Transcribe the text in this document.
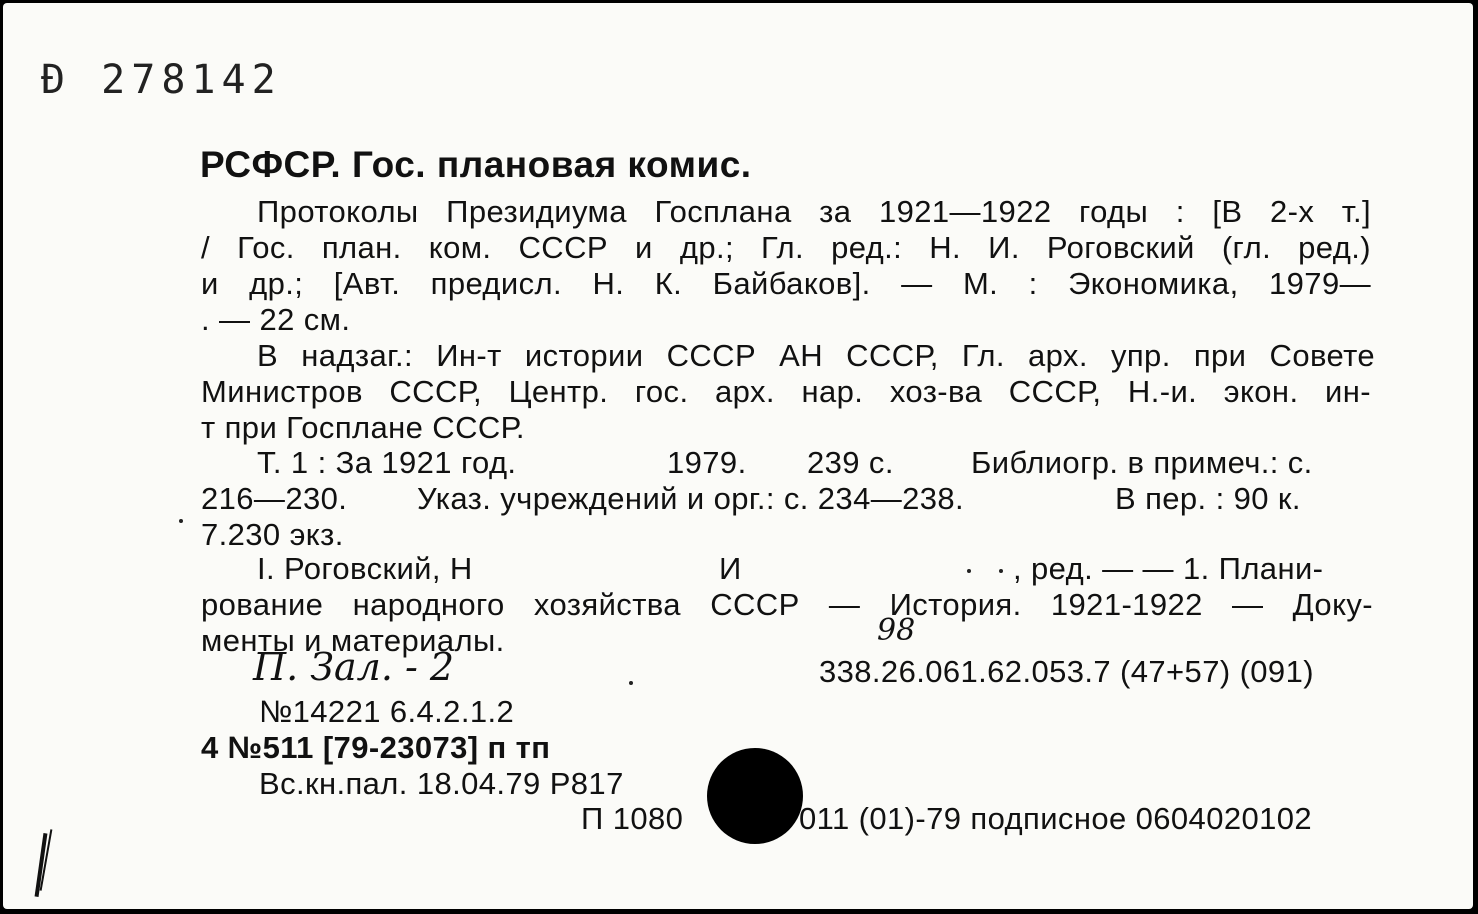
Ð 278142
РСФСР. Гос. плановая комис.
Протоколы Президиума Госплана за 1921—1922 годы : [В 2-х т.]
/ Гос. план. ком. СССР и др.; Гл. ред.: Н. И. Роговский (гл. ред.)
и др.; [Авт. предисл. Н. К. Байбаков]. — М. : Экономика, 1979—
. — 22 см.
В надзаг.: Ин-т истории СССР АН СССР, Гл. арх. упр. при Совете
Министров СССР, Центр. гос. арх. нар. хоз-ва СССР, Н.-и. экон. ин-
т при Госплане СССР.
Т. 1 : За 1921 год.	1979. 239 с. Библиогр. в примеч.: с.
216—230. Указ. учреждений и орг.: с. 234—238.	В пер. : 90 к.
7.230 экз.
I. Роговский, Н	И	, ред. — — 1. Плани-
рование народного хозяйства СССР — История. 1921-1922 — Доку-
менты и материалы.
П. Зал. - 2
98
338.26.061.62.053.7 (47+57) (091)
№14221 6.4.2.1.2
4 №511 [79-23073] п тп
Вс.кн.пал. 18.04.79 Р817
П 1080	011 (01)-79 подписное 0604020102
